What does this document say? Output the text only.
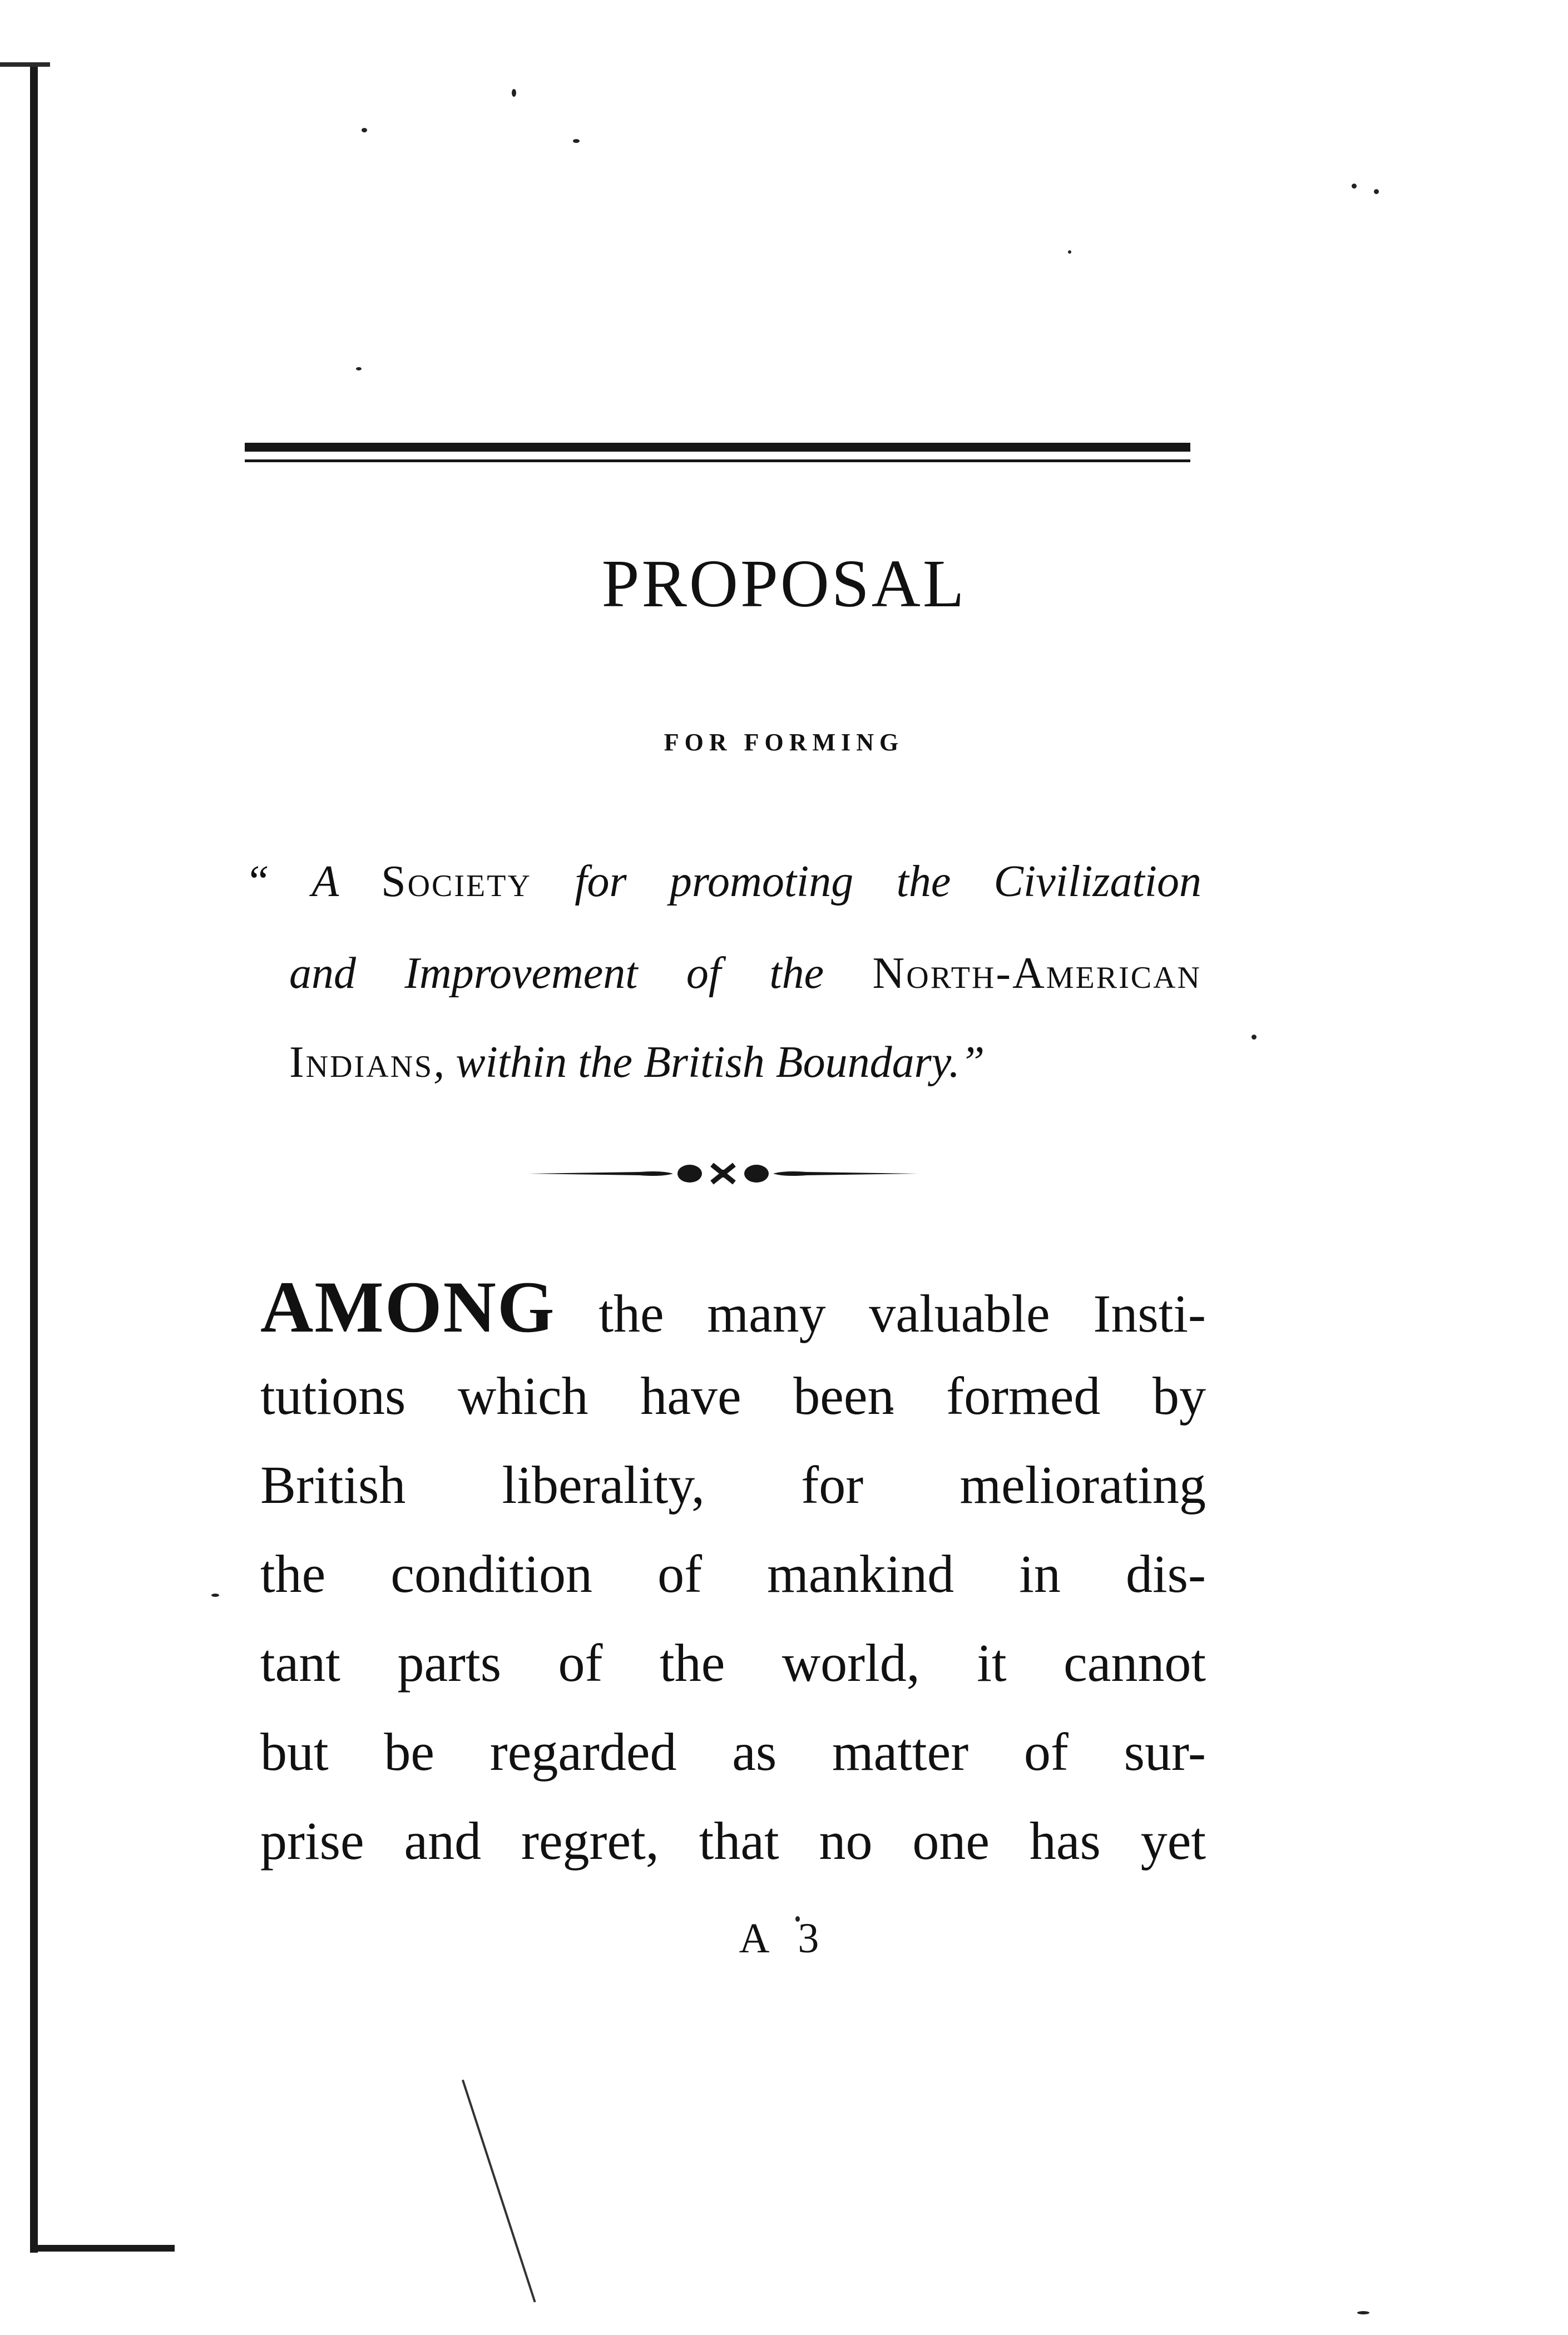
PROPOSAL
FOR FORMING
“ A Society for promoting the Civilization
and Improvement of the North-American
Indians, within the British Boundary.”
AMONG the many valuable Insti-
tutions which have been formed by
British liberality, for meliorating
the condition of mankind in dis-
tant parts of the world, it cannot
but be regarded as matter of sur-
prise and regret, that no one has yet
A 3
